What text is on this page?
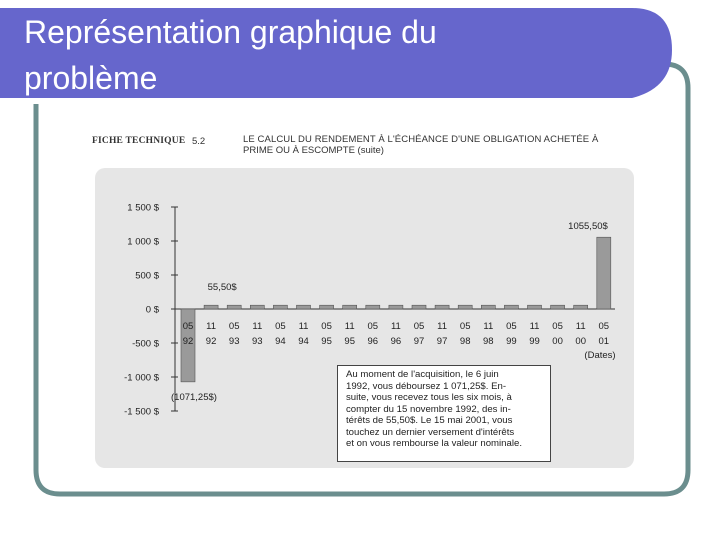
Représentation graphique du
problème
FICHE TECHNIQUE 5.2	LE CALCUL DU RENDEMENT À L'ÉCHÉANCE D'UNE OBLIGATION ACHETÉE À
PRIME OU À ESCOMPTE (suite)
1 500 $
1 000 $
500 $
0 $
-500 $
-1 000 $
-1 500 $
05
92
11
92
05
93
11
93
05
94
11
94
05
95
11
95
05
96
11
96
05
97
11
97
05
98
11
98
05
99
11
99
05
00
11
00
05
01
(Dates)
55,50$
(1071,25$)
1055,50$
Au moment de l'acquisition, le 6 juin
1992, vous déboursez 1 071,25$. En-
suite, vous recevez tous les six mois, à
compter du 15 novembre 1992, des in-
térêts de 55,50$. Le 15 mai 2001, vous
touchez un dernier versement d'intérêts
et on vous rembourse la valeur nominale.
